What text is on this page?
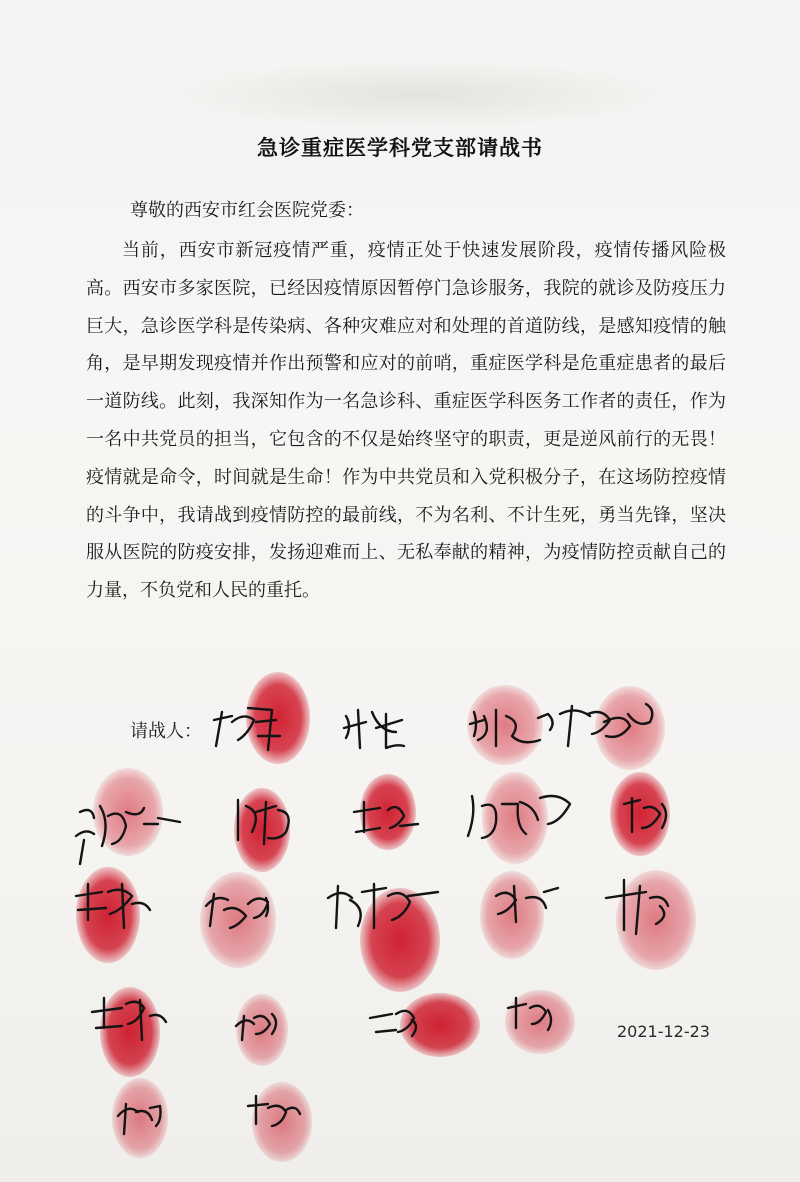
急诊重症医学科党支部请战书
尊敬的西安市红会医院党委：

当前，西安市新冠疫情严重，疫情正处于快速发展阶段，疫情传播风险极高。西安市多家医院，已经因疫情原因暂停门急诊服务，我院的就诊及防疫压力巨大，急诊医学科是传染病、各种灾难应对和处理的首道防线，是感知疫情的触角，是早期发现疫情并作出预警和应对的前哨，重症医学科是危重症患者的最后一道防线。此刻，我深知作为一名急诊科、重症医学科医务工作者的责任，作为一名中共党员的担当，它包含的不仅是始终坚守的职责，更是逆风前行的无畏！疫情就是命令，时间就是生命！作为中共党员和入党积极分子，在这场防控疫情的斗争中，我请战到疫情防控的最前线，不为名利、不计生死，勇当先锋，坚决服从医院的防疫安排，发扬迎难而上、无私奉献的精神，为疫情防控贡献自己的力量，不负党和人民的重托。

请战人：
2021-12-23
